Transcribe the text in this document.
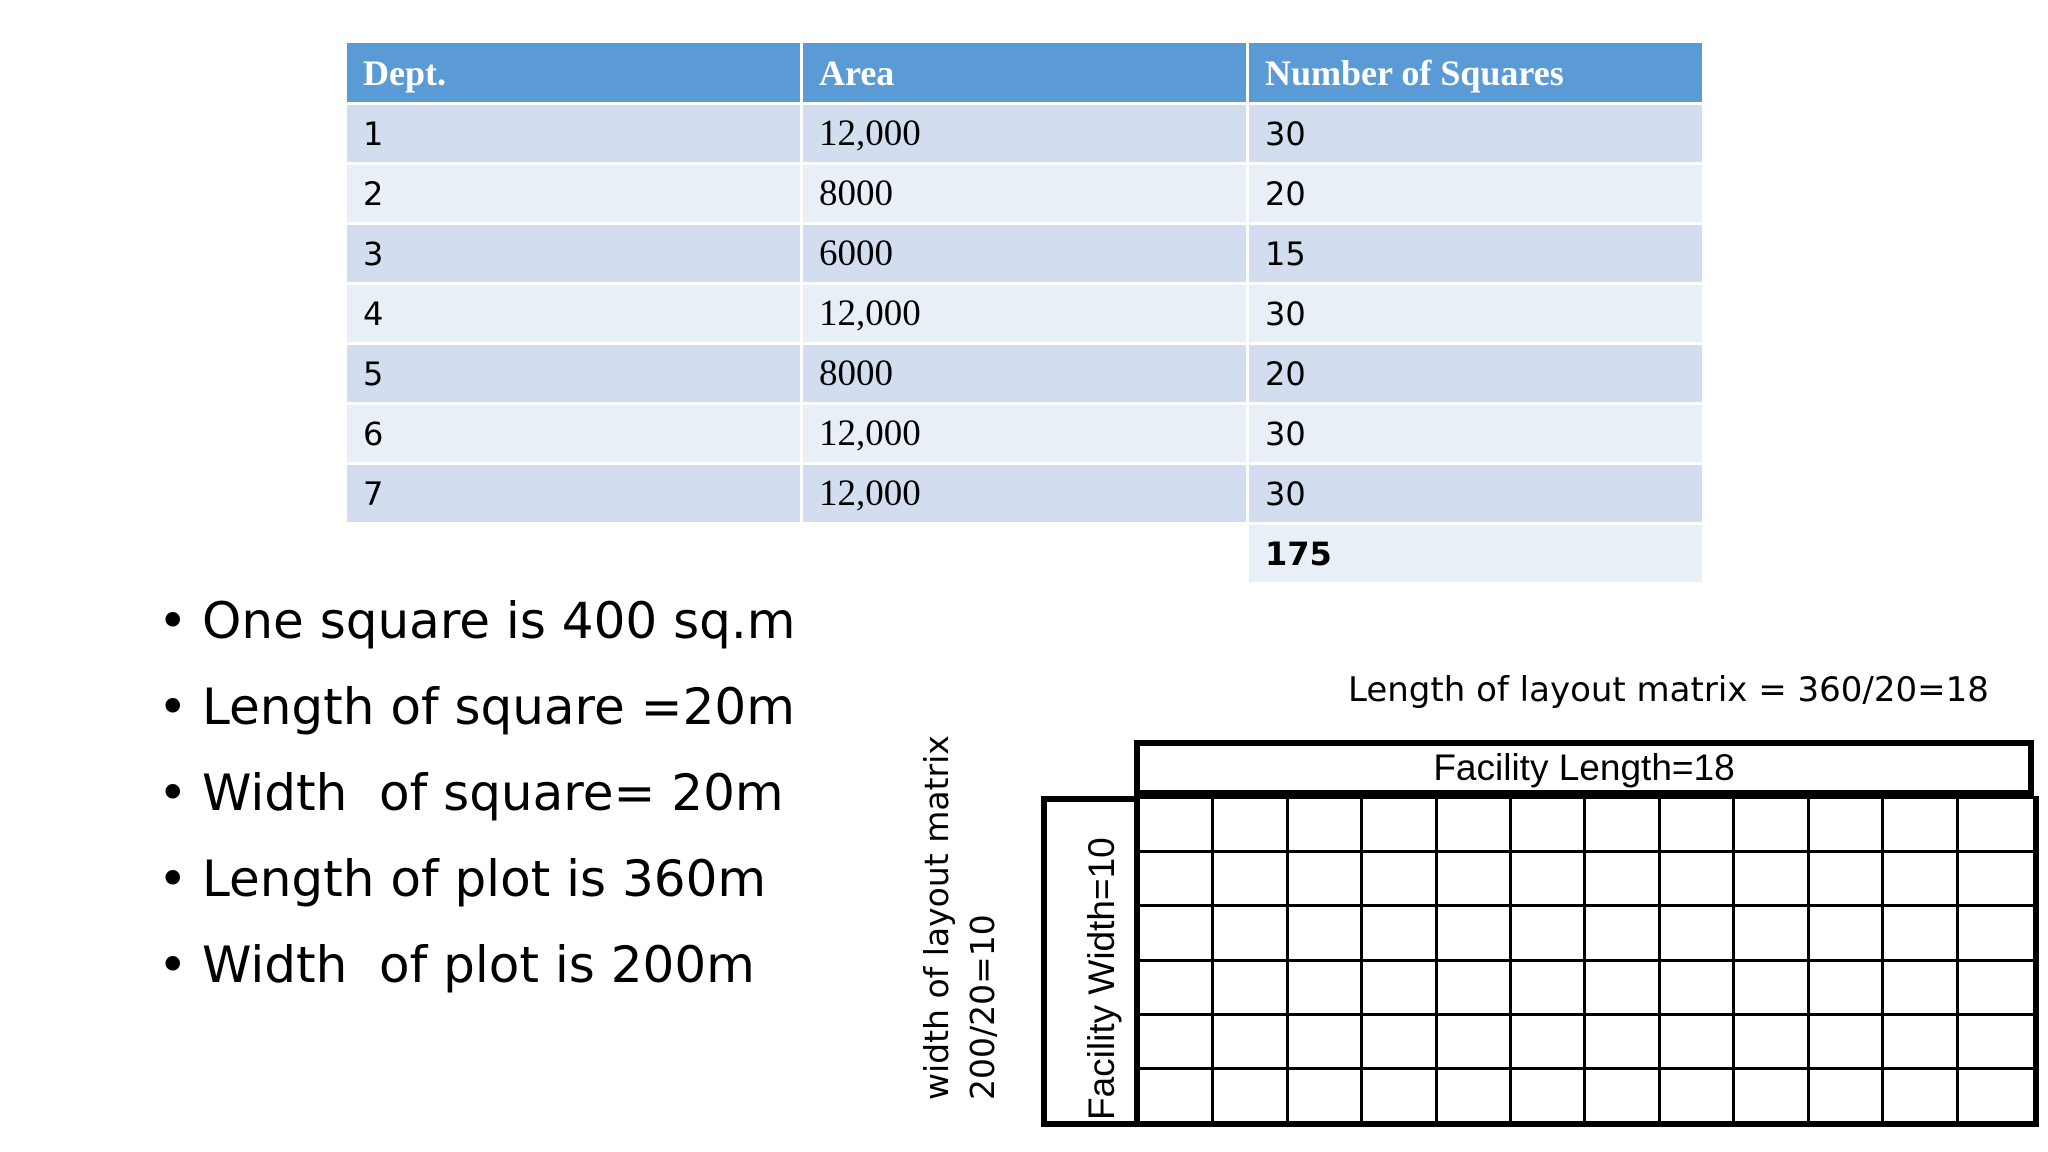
Dept.	Area	Number of Squares
1	12,000	30
2	8000	20
3	6000	15
4	12,000	30
5	8000	20
6	12,000	30
7	12,000	30
		175
• One square is 400 sq.m
• Length of square =20m
• Width  of square= 20m
• Length of plot is 360m
• Width  of plot is 200m
Length of layout matrix = 360/20=18
width of layout matrix 200/20=10
Facility Length=18
Facility Width=10
